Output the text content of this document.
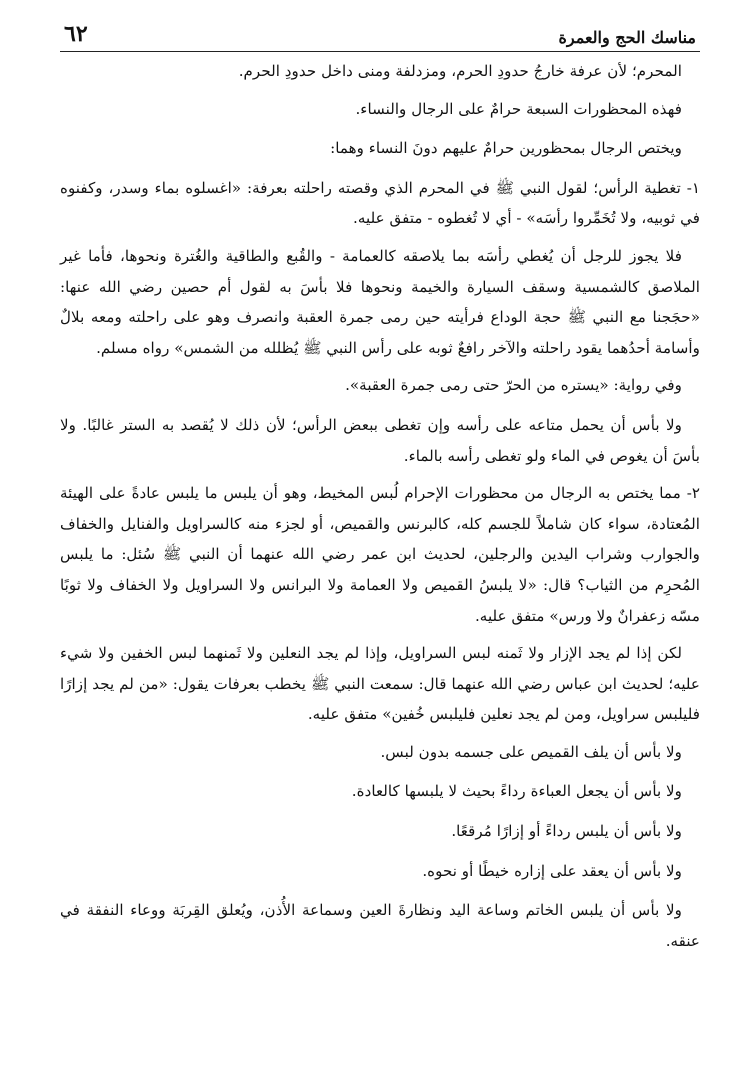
مناسك الحج والعمرة
٦٢

المحرم؛ لأن عرفة خارجُ حدودِ الحرم، ومزدلفة ومنى داخل حدودِ الحرم.

فهذه المحظورات السبعة حرامٌ على الرجال والنساء.

ويختص الرجال بمحظورين حرامٌ عليهم دونَ النساء وهما:

١- تغطية الرأس؛ لقول النبي ﷺ في المحرم الذي وقصته راحلته بعرفة: «اغسلوه بماء وسدر، وكفنوه في ثوبيه، ولا تُخَمِّروا رأسَه» - أي لا تُغطوه - متفق عليه.

فلا يجوز للرجل أن يُغطي رأسَه بما يلاصقه كالعمامة - والقُبع والطاقية والغُترة ونحوها، فأما غير الملاصق كالشمسية وسقف السيارة والخيمة ونحوها فلا بأسَ به لقول أم حصين رضي الله عنها: «حجَجنا مع النبي ﷺ حجة الوداع فرأيته حين رمى جمرة العقبة وانصرف وهو على راحلته ومعه بلالٌ وأسامة أحدُهما يقود راحلته والآخر رافعٌ ثوبه على رأس النبي ﷺ يُظلله من الشمس» رواه مسلم.

وفي رواية: «يستره من الحرّ حتى رمى جمرة العقبة».

ولا بأس أن يحمل متاعه على رأسه وإن تغطى ببعض الرأس؛ لأن ذلك لا يُقصد به الستر غالبًا. ولا بأسَ أن يغوص في الماء ولو تغطى رأسه بالماء.

٢- مما يختص به الرجال من محظورات الإحرام لُبس المخيط، وهو أن يلبس ما يلبس عادةً على الهيئة المُعتادة، سواء كان شاملاً للجسم كله، كالبرنس والقميص، أو لجزء منه كالسراويل والفنايل والخفاف والجوارب وشراب اليدين والرجلين، لحديث ابن عمر رضي الله عنهما أن النبي ﷺ سُئل: ما يلبس المُحرِم من الثياب؟ قال: «لا يلبسُ القميص ولا العمامة ولا البرانس ولا السراويل ولا الخفاف ولا ثوبًا مسّه زعفرانٌ ولا ورس» متفق عليه.

لكن إذا لم يجد الإزار ولا ثَمنه لبس السراويل، وإذا لم يجد النعلين ولا ثَمنهما لبس الخفين ولا شيء عليه؛ لحديث ابن عباس رضي الله عنهما قال: سمعت النبي ﷺ يخطب بعرفات يقول: «من لم يجد إزارًا فليلبس سراويل، ومن لم يجد نعلين فليلبس خُفين» متفق عليه.

ولا بأس أن يلف القميص على جسمه بدون لبس.

ولا بأس أن يجعل العباءة رداءً بحيث لا يلبسها كالعادة.

ولا بأس أن يلبس رداءً أو إزارًا مُرقعًا.

ولا بأس أن يعقد على إزاره خيطًا أو نحوه.

ولا بأس أن يلبس الخاتم وساعة اليد ونظارةَ العين وسماعة الأُذن، ويُعلق القِربَة ووعاء النفقة في عنقه.
